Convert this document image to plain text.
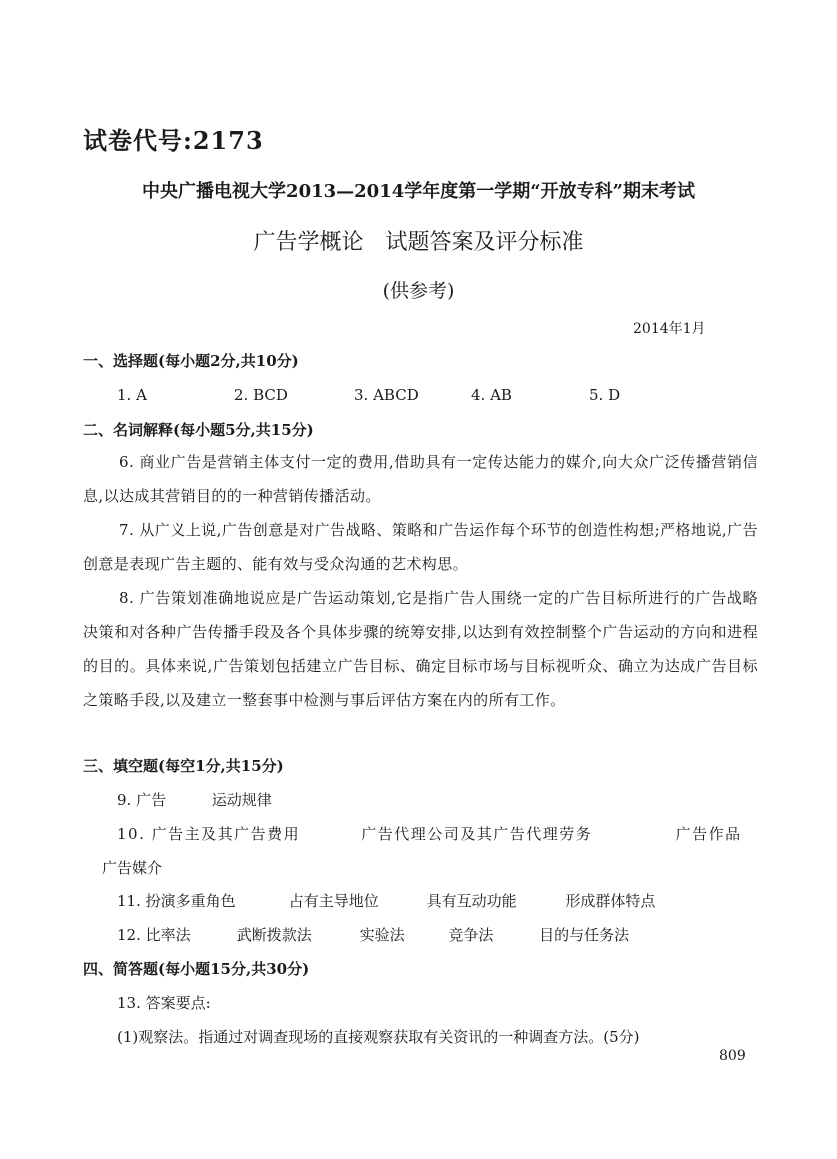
试卷代号:2173
中央广播电视大学2013—2014学年度第一学期“开放专科”期末考试
广告学概论　试题答案及评分标准
(供参考)
2014年1月
一、选择题(每小题2分,共10分)
1. A	2. BCD	3. ABCD	4. AB	5. D
二、名词解释(每小题5分,共15分)
6. 商业广告是营销主体支付一定的费用,借助具有一定传达能力的媒介,向大众广泛传播营销信息,以达成其营销目的的一种营销传播活动。
7. 从广义上说,广告创意是对广告战略、策略和广告运作每个环节的创造性构想;严格地说,广告创意是表现广告主题的、能有效与受众沟通的艺术构思。
8. 广告策划准确地说应是广告运动策划,它是指广告人围绕一定的广告目标所进行的广告战略决策和对各种广告传播手段及各个具体步骤的统筹安排,以达到有效控制整个广告运动的方向和进程的目的。具体来说,广告策划包括建立广告目标、确定目标市场与目标视听众、确立为达成广告目标之策略手段,以及建立一整套事中检测与事后评估方案在内的所有工作。
三、填空题(每空1分,共15分)
9. 广告	运动规律
10. 广告主及其广告费用	广告代理公司及其广告代理劳务	广告作品
广告媒介
11. 扮演多重角色	占有主导地位	具有互动功能	形成群体特点
12. 比率法	武断拨款法	实验法	竞争法	目的与任务法
四、简答题(每小题15分,共30分)
13. 答案要点:
(1)观察法。指通过对调查现场的直接观察获取有关资讯的一种调查方法。(5分)
809
